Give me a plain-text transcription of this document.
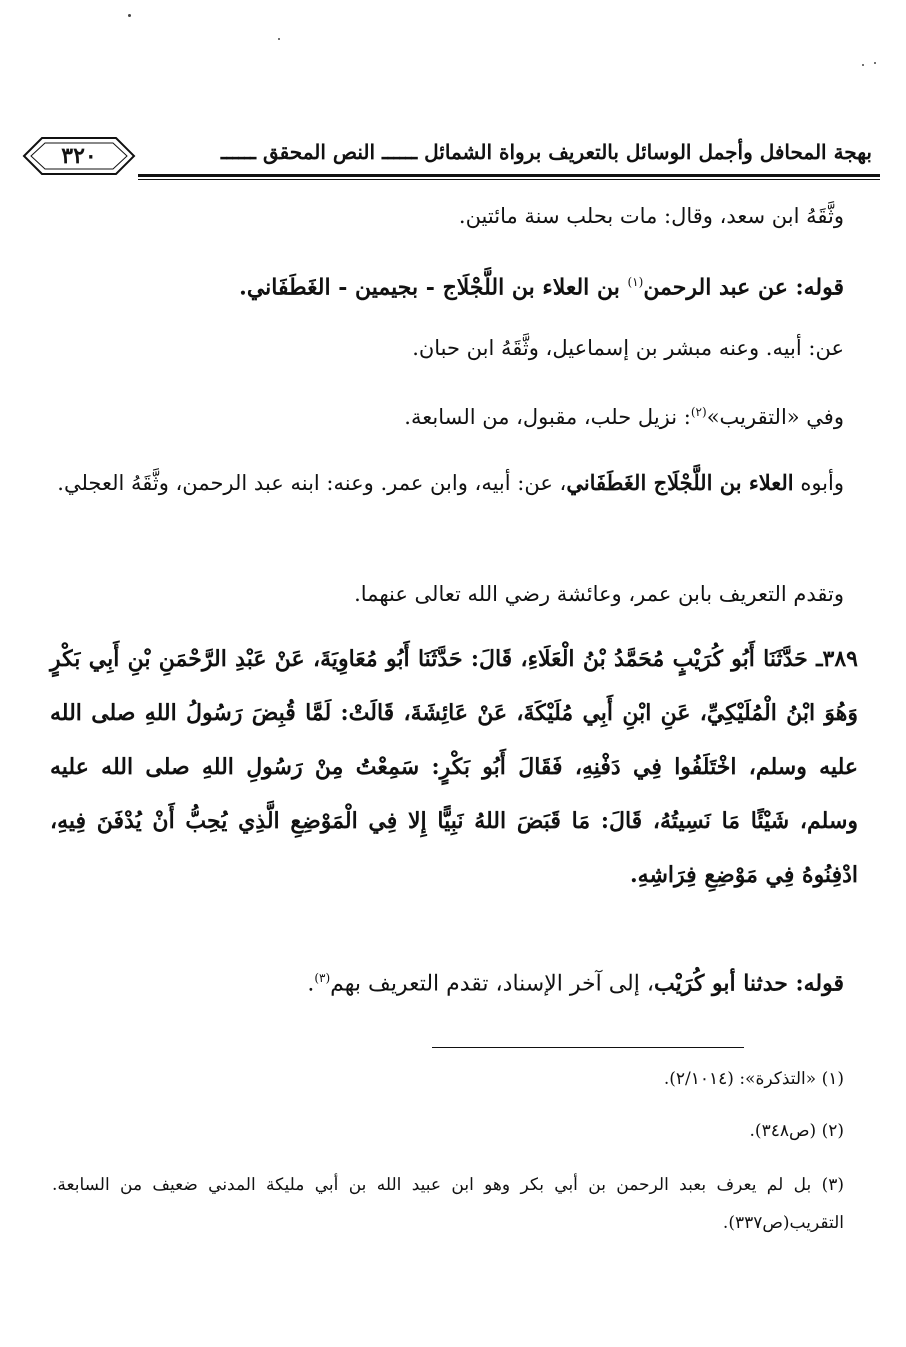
بهجة المحافل وأجمل الوسائل بالتعريف برواة الشمائل ــــــ النص المحقق ــــــ
٣٢٠
وثَّقَهُ ابن سعد، وقال: مات بحلب سنة مائتين.
قوله: عن عبد الرحمن$^{(١)}$ بن العلاء بن اللَّجْلَاج - بجيمين - الغَطَفَاني.
عن: أبيه. وعنه مبشر بن إسماعيل، وثَّقَهُ ابن حبان.
وفي «التقريب»$^{(٢)}$: نزيل حلب، مقبول، من السابعة.
وأبوه العلاء بن اللَّجْلَاج الغَطَفَاني، عن: أبيه، وابن عمر. وعنه: ابنه عبد الرحمن، وثَّقَهُ العجلي.
وتقدم التعريف بابن عمر، وعائشة رضي الله تعالى عنهما.
٣٨٩ـ حَدَّثَنَا أَبُو كُرَيْبٍ مُحَمَّدُ بْنُ الْعَلَاءِ، قَالَ: حَدَّثَنَا أَبُو مُعَاوِيَةَ، عَنْ عَبْدِ الرَّحْمَنِ بْنِ أَبِي بَكْرٍ وَهُوَ ابْنُ الْمُلَيْكِيِّ، عَنِ ابْنِ أَبِي مُلَيْكَةَ، عَنْ عَائِشَةَ، قَالَتْ: لَمَّا قُبِضَ رَسُولُ اللهِ صلى الله عليه وسلم، اخْتَلَفُوا فِي دَفْنِهِ، فَقَالَ أَبُو بَكْرٍ: سَمِعْتُ مِنْ رَسُولِ اللهِ صلى الله عليه وسلم، شَيْئًا مَا نَسِيتُهُ، قَالَ: مَا قَبَضَ اللهُ نَبِيًّا إِلا فِي الْمَوْضِعِ الَّذِي يُحِبُّ أَنْ يُدْفَنَ فِيهِ، ادْفِنُوهُ فِي مَوْضِعِ فِرَاشِهِ.
قوله: حدثنا أبو كُرَيْب، إلى آخر الإسناد، تقدم التعريف بهم$^{(٣)}$.
(١) «التذكرة»: (٢/١٠١٤).
(٢) (ص٣٤٨).
(٣) بل لم يعرف بعبد الرحمن بن أبي بكر وهو ابن عبيد الله بن أبي مليكة المدني ضعيف من السابعة. التقريب(ص٣٣٧).
